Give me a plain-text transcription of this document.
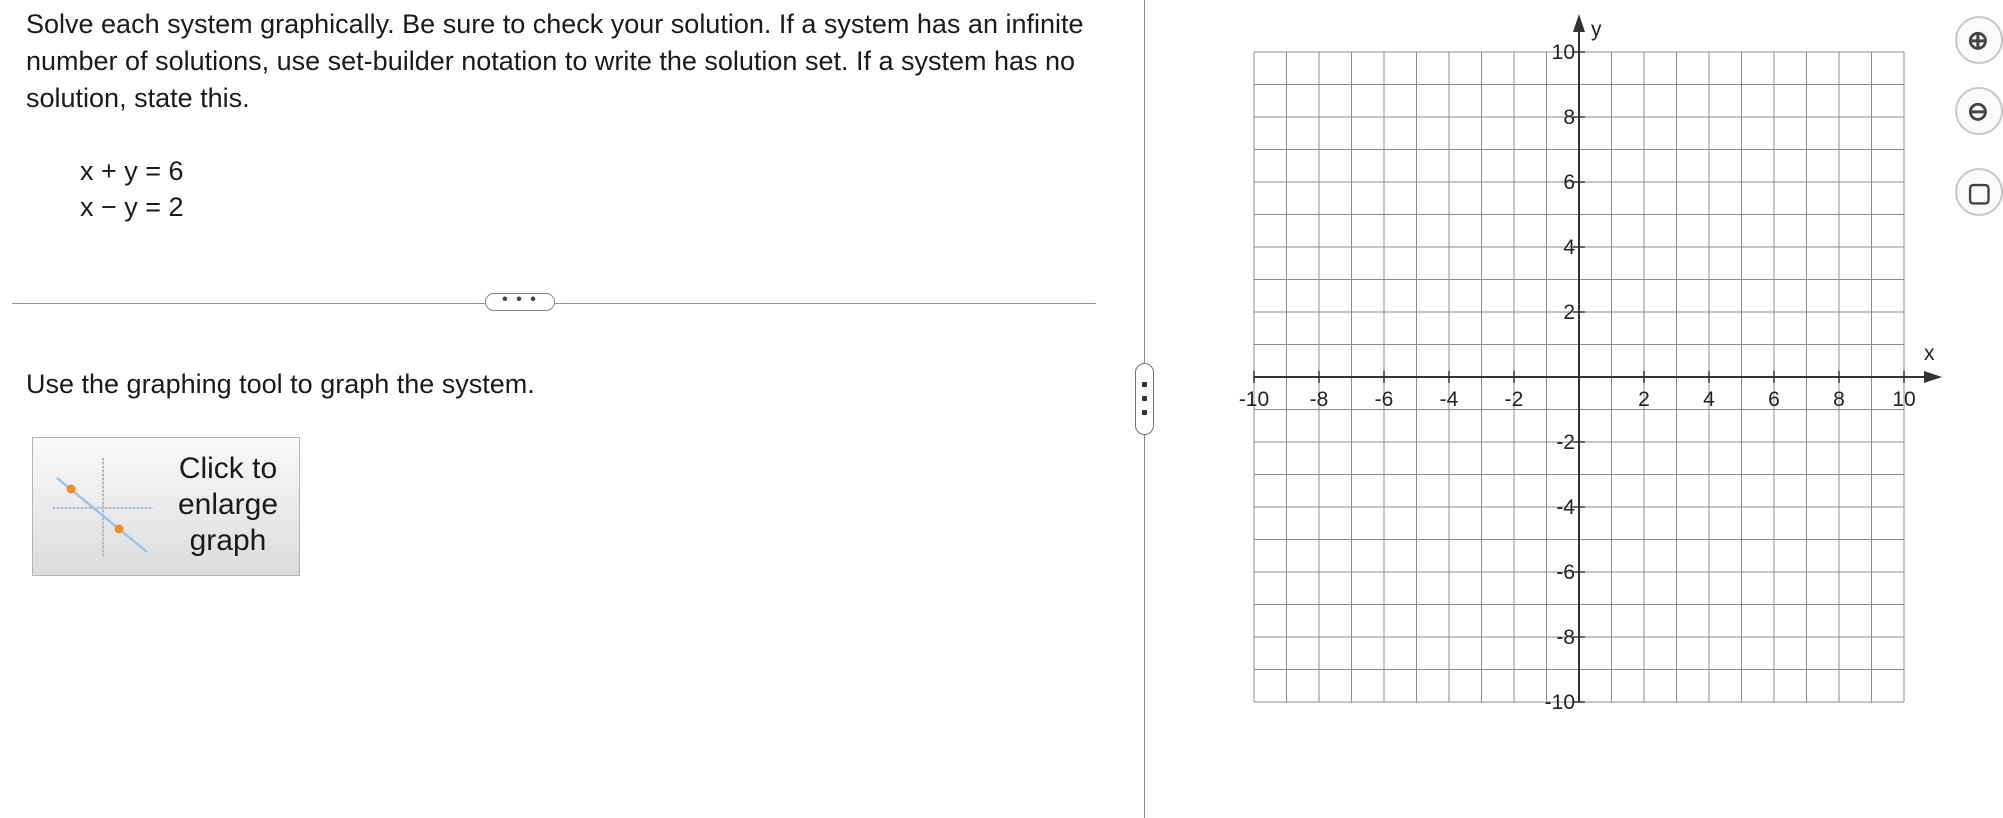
Solve each system graphically. Be sure to check your solution. If a system has an infinite number of solutions, use set-builder notation to write the solution set. If a system has no solution, state this.

x + y = 6
x − y = 2
• • •

Use the graphing tool to graph the system.

Click to
enlarge
graph
-10 -8 -6 -4 -2	2	4	6	8 10
10
8
6
4
2
-2
-4
-6
-8
-10
x
y	⊕
⊖
▢
